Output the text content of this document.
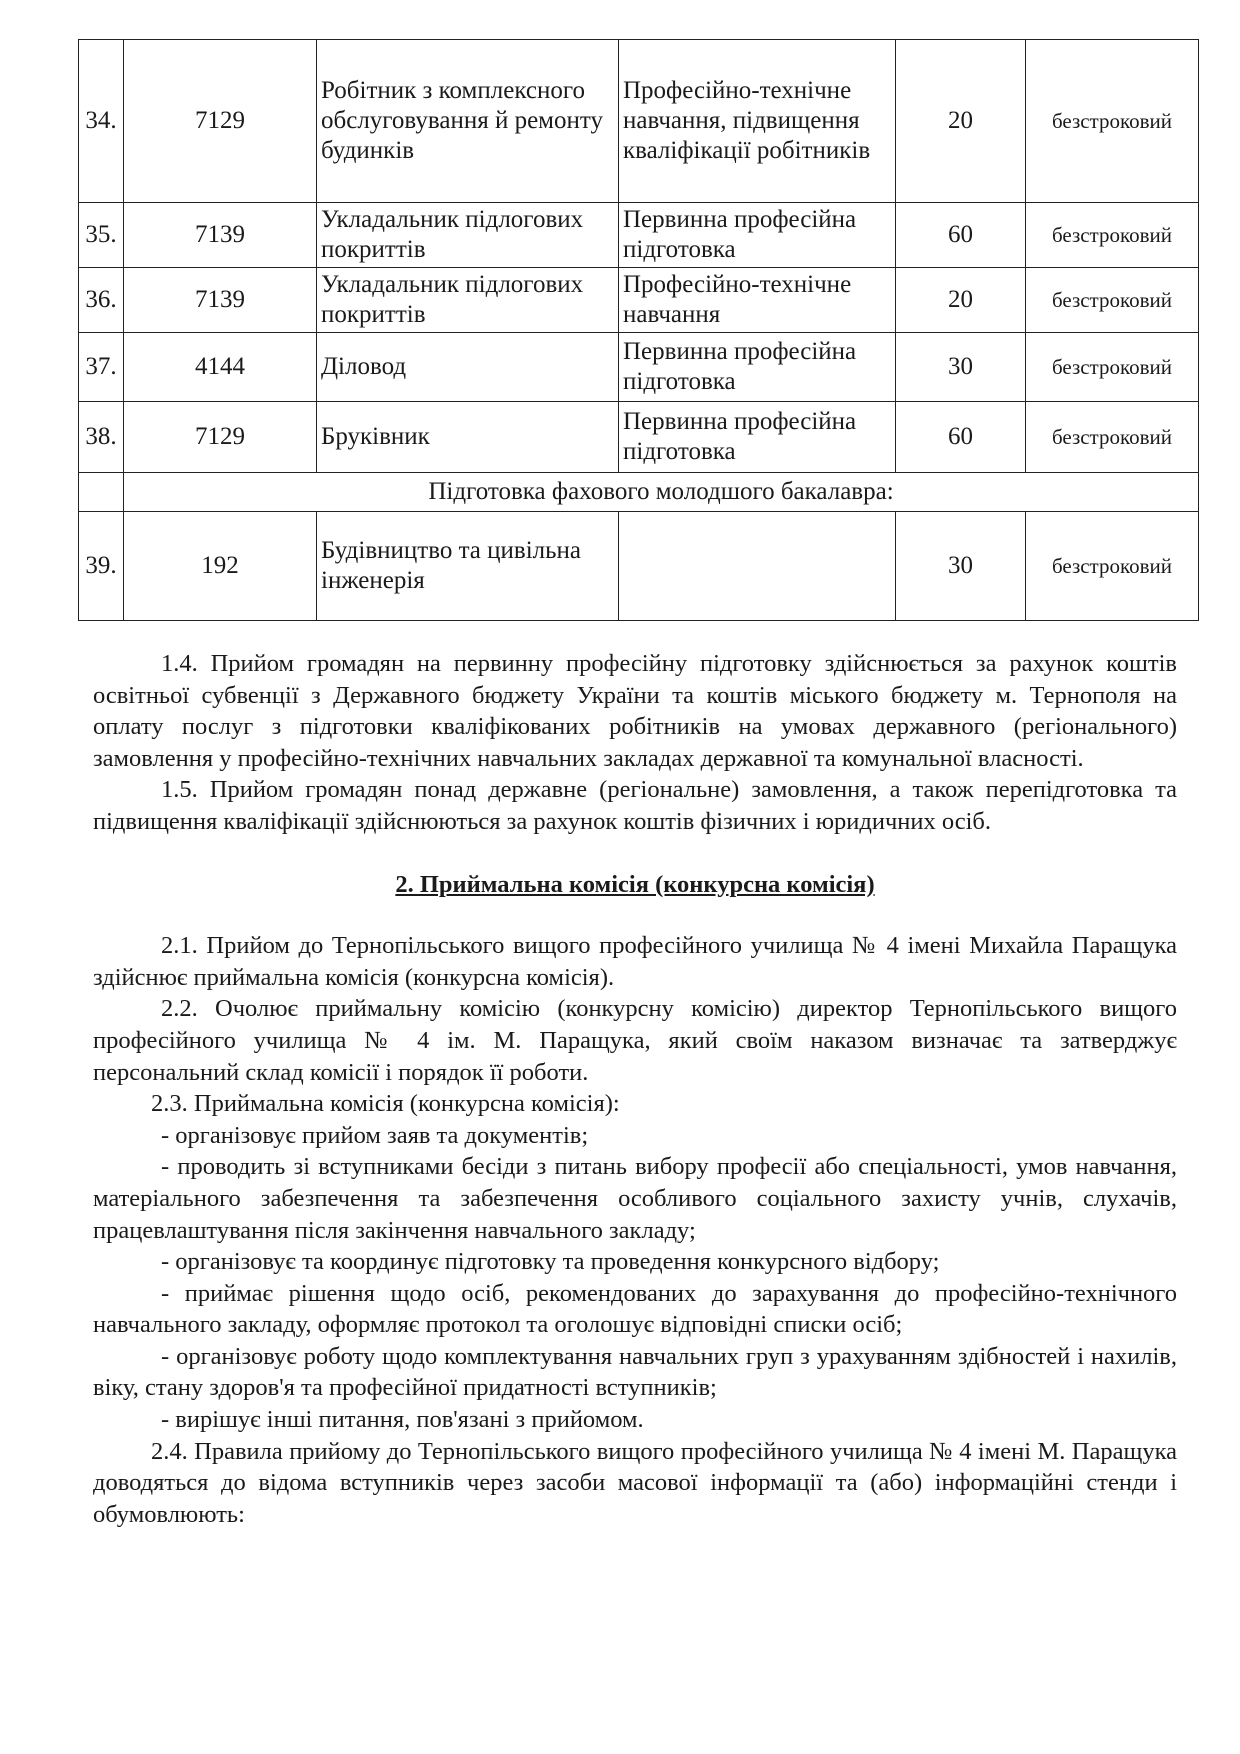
34.	7129	Робітник з комплексного обслуговування й ремонту будинків	Професійно-технічне навчання, підвищення кваліфікації робітників	20	безстроковий
35.	7139	Укладальник підлогових покриттів	Первинна професійна підготовка	60	безстроковий
36.	7139	Укладальник підлогових покриттів	Професійно-технічне навчання	20	безстроковий
37.	4144	Діловод	Первинна професійна підготовка	30	безстроковий
38.	7129	Бруківник	Первинна професійна підготовка	60	безстроковий
	Підготовка фахового молодшого бакалавра:				
39.	192	Будівництво та цивільна інженерія		30	безстроковий

1.4. Прийом громадян на первинну професійну підготовку здійснюється за рахунок коштів освітньої субвенції з Державного бюджету України та коштів міського бюджету м. Тернополя на оплату послуг з підготовки кваліфікованих робітників на умовах державного (регіонального) замовлення у професійно-технічних навчальних закладах державної та комунальної власності.

1.5. Прийом громадян понад державне (регіональне) замовлення, а також перепідготовка та підвищення кваліфікації здійснюються за рахунок коштів фізичних і юридичних осіб.

2. Приймальна комісія (конкурсна комісія)

2.1. Прийом до Тернопільського вищого професійного училища № 4 імені Михайла Паращука здійснює приймальна комісія (конкурсна комісія).

2.2. Очолює приймальну комісію (конкурсну комісію) директор Тернопільського вищого професійного училища № 4 ім. М. Паращука, який своїм наказом визначає та затверджує персональний склад комісії і порядок її роботи.

2.3. Приймальна комісія (конкурсна комісія):

- організовує прийом заяв та документів;

- проводить зі вступниками бесіди з питань вибору професії або спеціальності, умов навчання, матеріального забезпечення та забезпечення особливого соціального захисту учнів, слухачів, працевлаштування після закінчення навчального закладу;

- організовує та координує підготовку та проведення конкурсного відбору;

- приймає рішення щодо осіб, рекомендованих до зарахування до професійно-технічного навчального закладу, оформляє протокол та оголошує відповідні списки осіб;

- організовує роботу щодо комплектування навчальних груп з урахуванням здібностей і нахилів, віку, стану здоров'я та професійної придатності вступників;

- вирішує інші питання, пов'язані з прийомом.

2.4. Правила прийому до Тернопільського вищого професійного училища № 4 імені М. Паращука доводяться до відома вступників через засоби масової інформації та (або) інформаційні стенди і обумовлюють:
